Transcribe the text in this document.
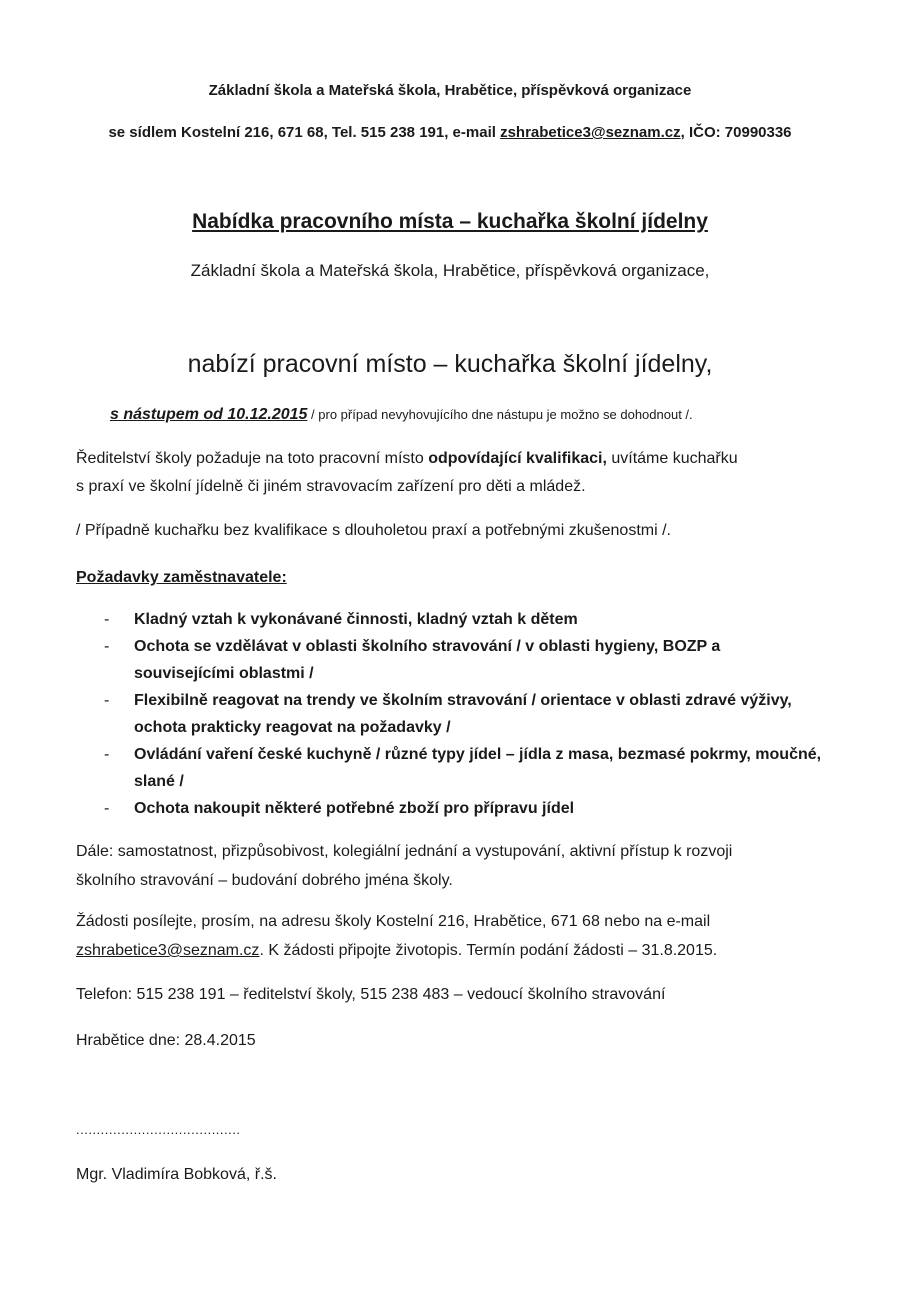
Základní škola a Mateřská škola, Hrabětice, příspěvková organizace
se sídlem Kostelní 216, 671 68, Tel. 515 238 191, e-mail zshrabetice3@seznam.cz, IČO: 70990336
Nabídka pracovního místa – kuchařka školní jídelny
Základní škola a Mateřská škola, Hrabětice, příspěvková organizace,
nabízí pracovní místo – kuchařka školní jídelny,
s nástupem od 10.12.2015 / pro případ nevyhovujícího dne nástupu je možno se dohodnout /.
Ředitelství školy požaduje na toto pracovní místo odpovídající kvalifikaci, uvítáme kuchařku
s praxí ve školní jídelně či jiném stravovacím zařízení pro děti a mládež.
/ Případně kuchařku bez kvalifikace s dlouholetou praxí a potřebnými zkušenostmi /.
Požadavky zaměstnavatele:
- Kladný vztah k vykonávané činnosti, kladný vztah k dětem
- Ochota se vzdělávat v oblasti školního stravování / v oblasti hygieny, BOZP a souvisejícími oblastmi /
- Flexibilně reagovat na trendy ve školním stravování / orientace v oblasti zdravé výživy, ochota prakticky reagovat na požadavky /
- Ovládání vaření české kuchyně / různé typy jídel – jídla z masa, bezmasé pokrmy, moučné, slané /
- Ochota nakoupit některé potřebné zboží pro přípravu jídel
Dále: samostatnost, přizpůsobivost, kolegiální jednání a vystupování, aktivní přístup k rozvoji
školního stravování – budování dobrého jména školy.
Žádosti posílejte, prosím, na adresu školy Kostelní 216, Hrabětice, 671 68 nebo na e-mail
zshrabetice3@seznam.cz. K žádosti připojte životopis. Termín podání žádosti – 31.8.2015.
Telefon: 515 238 191 – ředitelství školy, 515 238 483 – vedoucí školního stravování
Hrabětice dne: 28.4.2015
........................................
Mgr. Vladimíra Bobková, ř.š.
